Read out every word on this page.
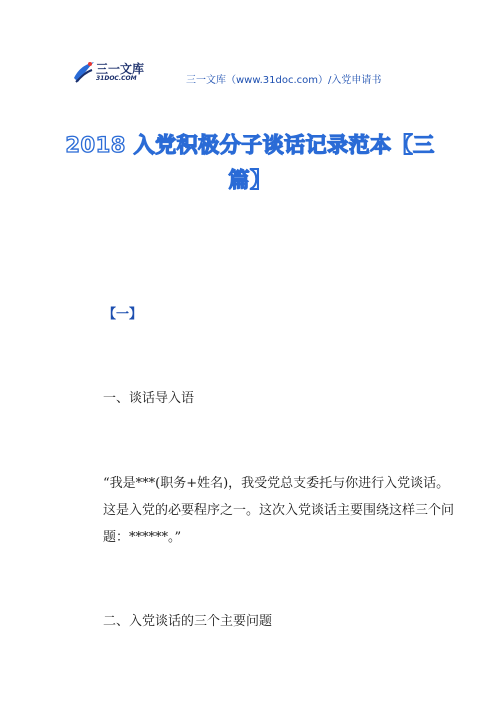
三一文库
31DOC.COM	三一文库（www.31doc.com）/入党申请书
2018 入党积极分子谈话记录范本【三
篇】
【一】
一、谈话导入语

“我是***(职务+姓名)，我受党总支委托与你进行入党谈话。

这是入党的必要程序之一。这次入党谈话主要围绕这样三个问

题：******。”

二、入党谈话的三个主要问题
